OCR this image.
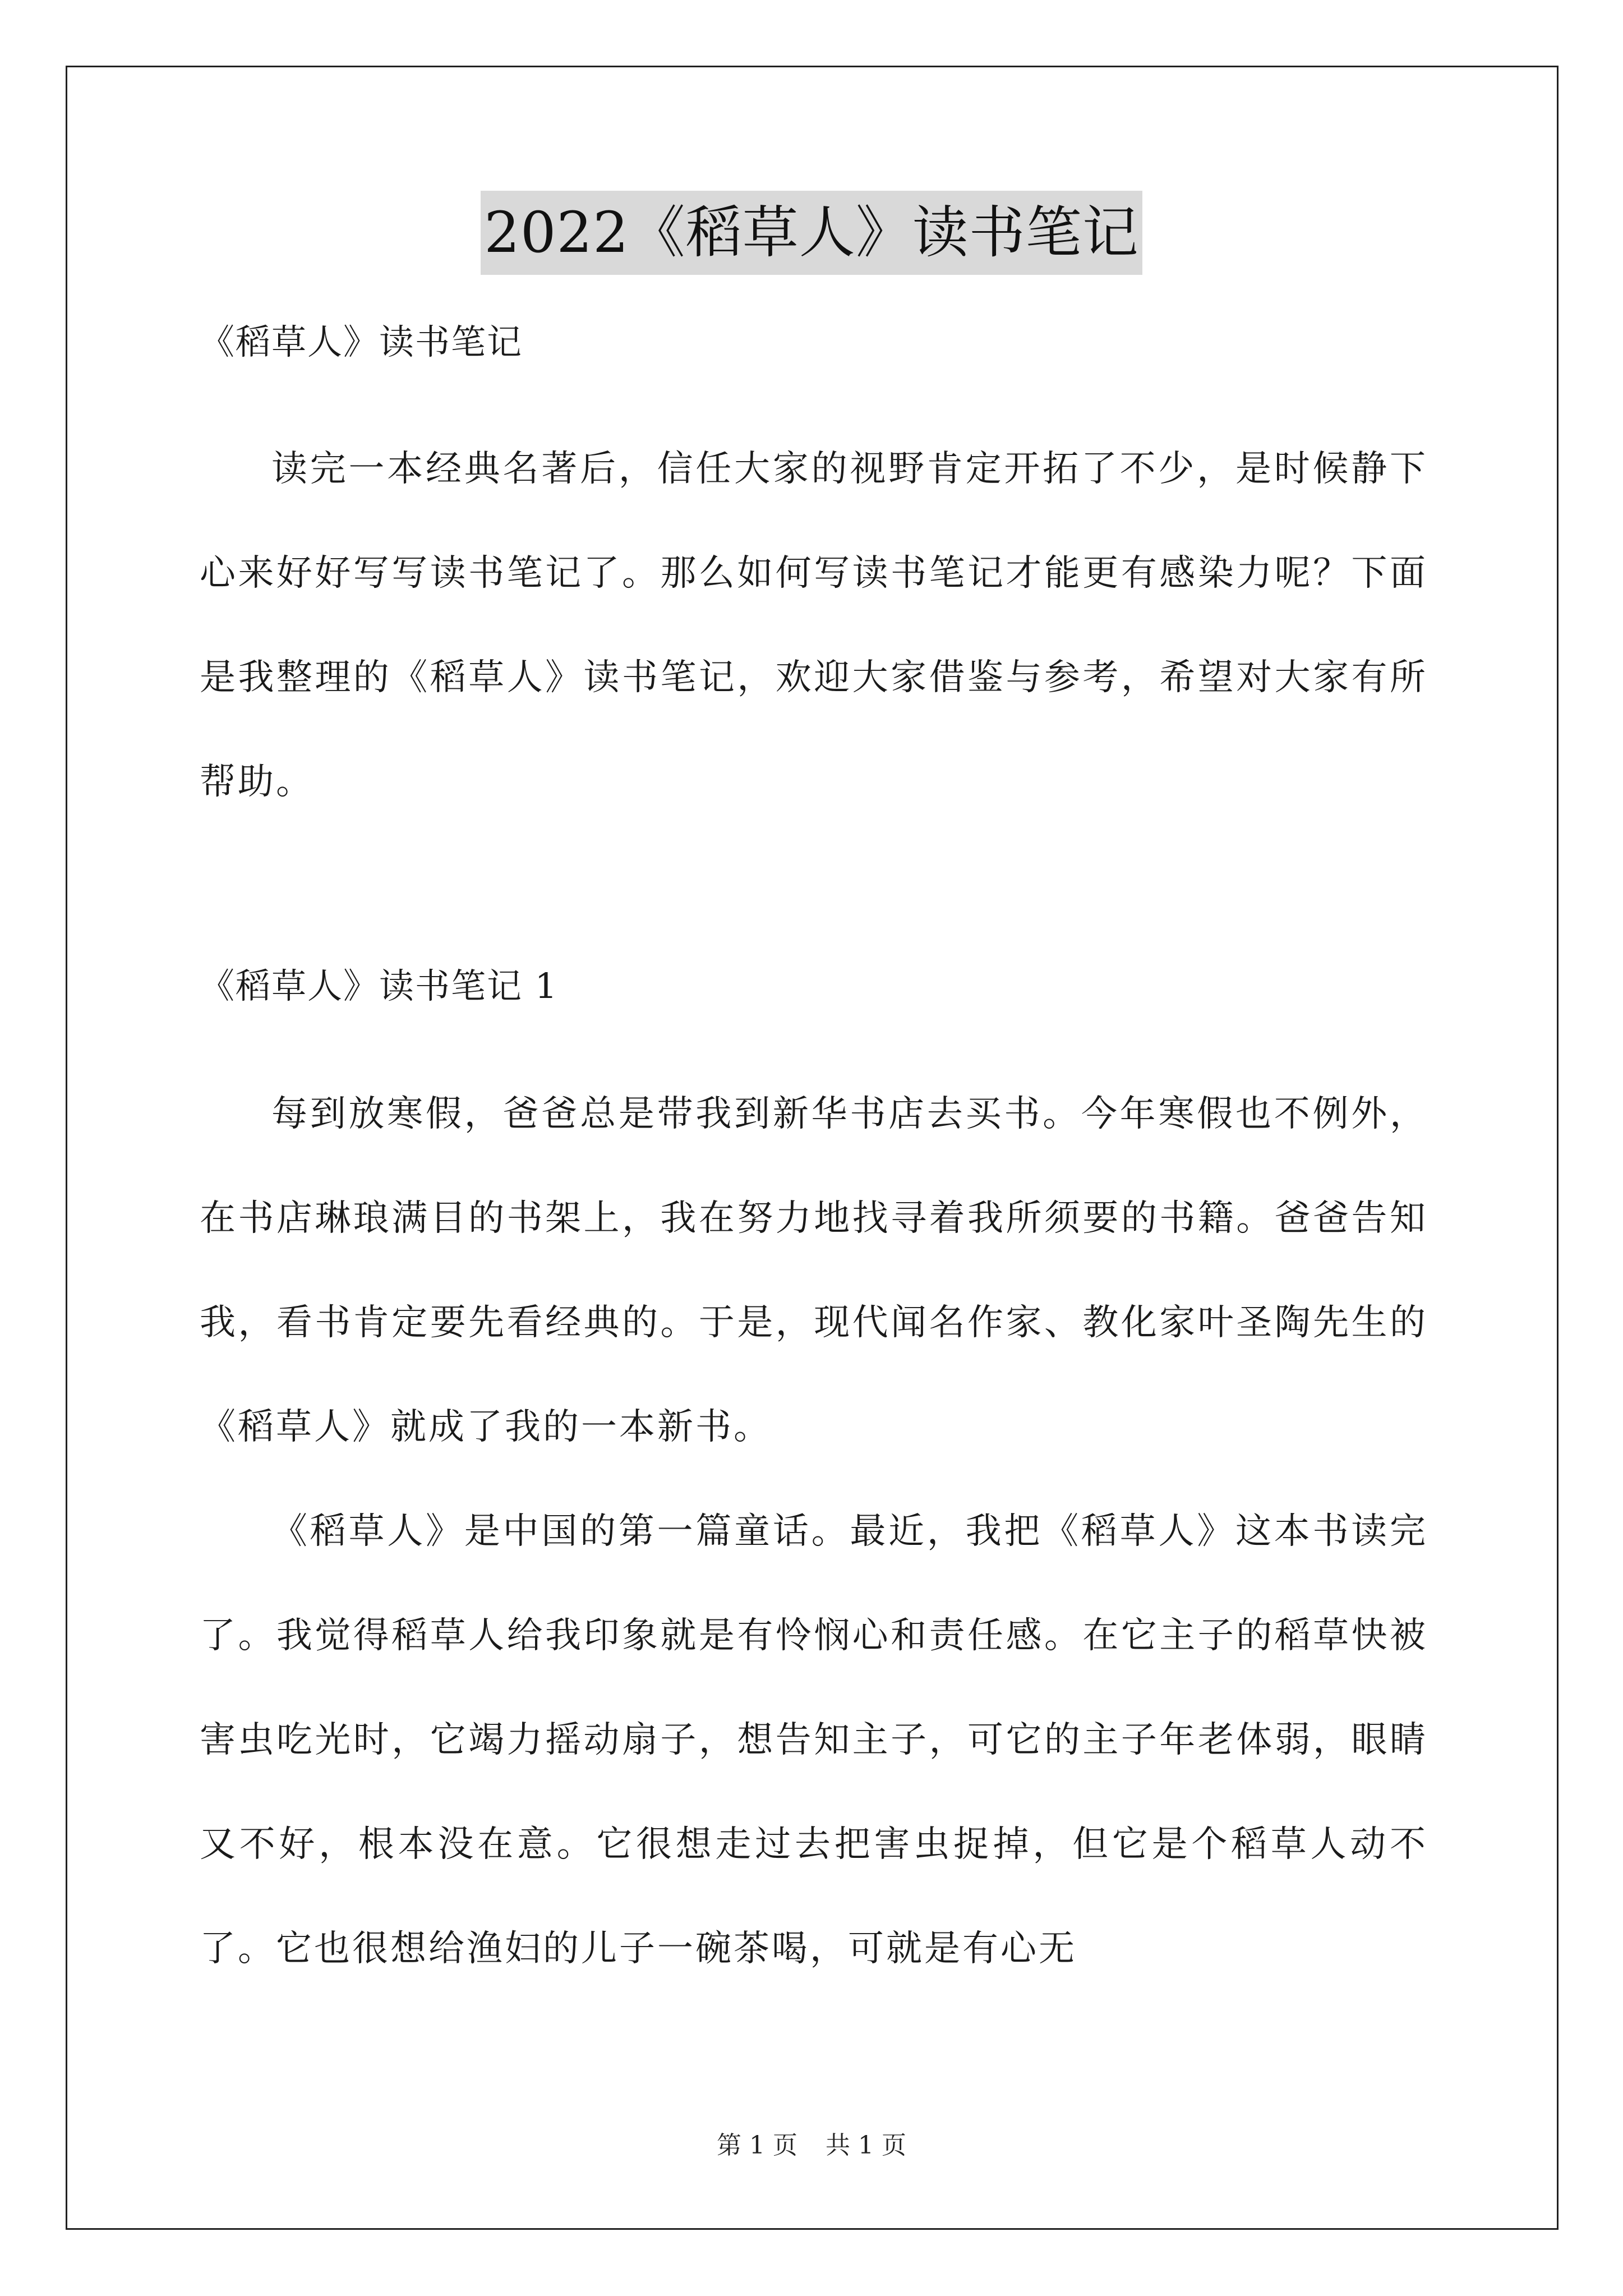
2022《稻草人》读书笔记

《稻草人》读书笔记

读完一本经典名著后，信任大家的视野肯定开拓了不少，是时候静下心来好好写写读书笔记了。那么如何写读书笔记才能更有感染力呢？下面是我整理的《稻草人》读书笔记，欢迎大家借鉴与参考，希望对大家有所帮助。

《稻草人》读书笔记 1

每到放寒假，爸爸总是带我到新华书店去买书。今年寒假也不例外，在书店琳琅满目的书架上，我在努力地找寻着我所须要的书籍。爸爸告知我，看书肯定要先看经典的。于是，现代闻名作家、教化家叶圣陶先生的《稻草人》就成了我的一本新书。

《稻草人》是中国的第一篇童话。最近，我把《稻草人》这本书读完了。我觉得稻草人给我印象就是有怜悯心和责任感。在它主子的稻草快被害虫吃光时，它竭力摇动扇子，想告知主子，可它的主子年老体弱，眼睛又不好，根本没在意。它很想走过去把害虫捉掉，但它是个稻草人动不了。它也很想给渔妇的儿子一碗茶喝，可就是有心无

第 1 页 共 1 页
